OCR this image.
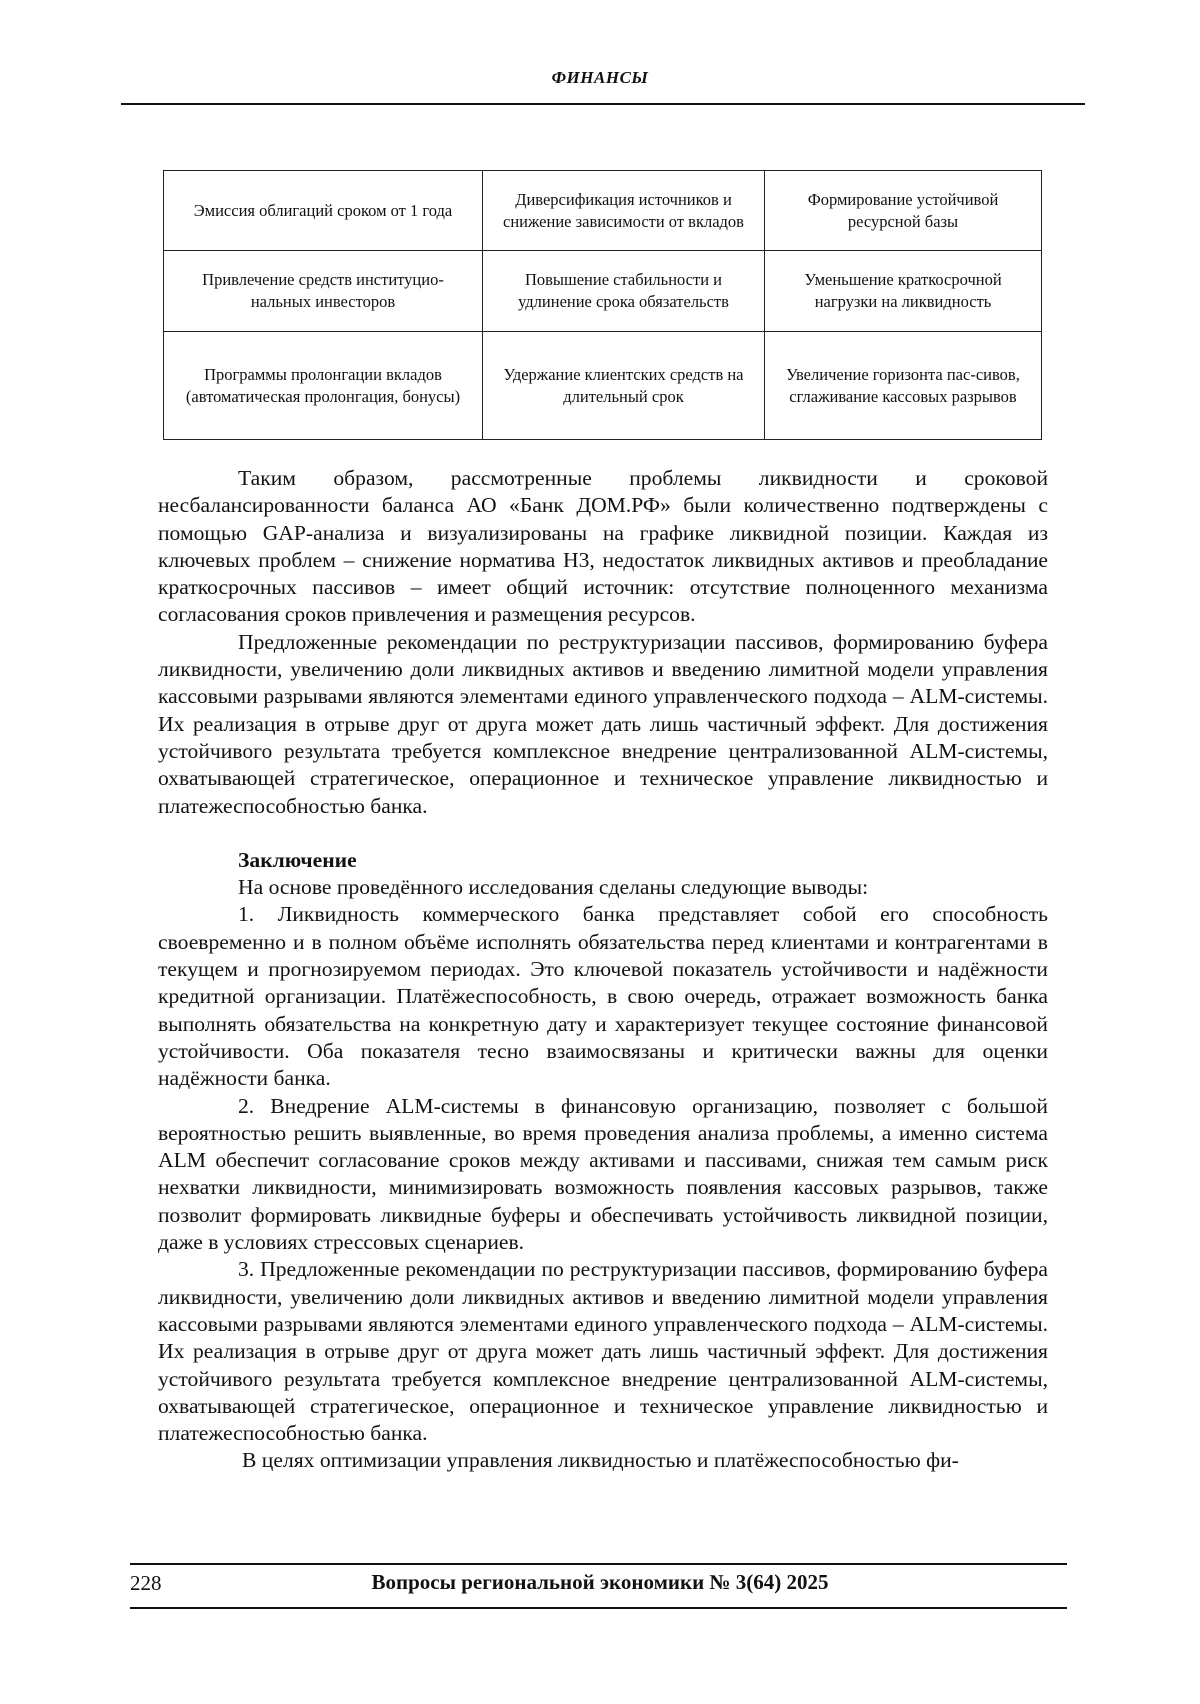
ФИНАНСЫ
Эмиссия облигаций сроком от 1 года	Диверсификация источников и снижение зависимости от вкладов	Формирование устойчивой ресурсной базы
Привлечение средств институцио-нальных инвесторов	Повышение стабильности и удлинение срока обязательств	Уменьшение краткосрочной нагрузки на ликвидность
Программы пролонгации вкладов (автоматическая пролонгация, бонусы)	Удержание клиентских средств на длительный срок	Увеличение горизонта пас-сивов, сглаживание кассовых разрывов

Таким образом, рассмотренные проблемы ликвидности и сроковой несбалансированности баланса АО «Банк ДОМ.РФ» были количественно подтверждены с помощью GAP-анализа и визуализированы на графике ликвидной позиции. Каждая из ключевых проблем – снижение норматива Н3, недостаток ликвидных активов и преобладание краткосрочных пассивов – имеет общий источник: отсутствие полноценного механизма согласования сроков привлечения и размещения ресурсов.

Предложенные рекомендации по реструктуризации пассивов, формированию буфера ликвидности, увеличению доли ликвидных активов и введению лимитной модели управления кассовыми разрывами являются элементами единого управленческого подхода – ALM-системы. Их реализация в отрыве друг от друга может дать лишь частичный эффект. Для достижения устойчивого результата требуется комплексное внедрение централизованной ALM-системы, охватывающей стратегическое, операционное и техническое управление ликвидностью и платежеспособностью банка.

Заключение

На основе проведённого исследования сделаны следующие выводы:

1. Ликвидность коммерческого банка представляет собой его способность своевременно и в полном объёме исполнять обязательства перед клиентами и контрагентами в текущем и прогнозируемом периодах. Это ключевой показатель устойчивости и надёжности кредитной организации. Платёжеспособность, в свою очередь, отражает возможность банка выполнять обязательства на конкретную дату и характеризует текущее состояние финансовой устойчивости. Оба показателя тесно взаимосвязаны и критически важны для оценки надёжности банка.

2. Внедрение ALM-системы в финансовую организацию, позволяет с большой вероятностью решить выявленные, во время проведения анализа проблемы, а именно система ALM обеспечит согласование сроков между активами и пассивами, снижая тем самым риск нехватки ликвидности, минимизировать возможность появления кассовых разрывов, также позволит формировать ликвидные буферы и обеспечивать устойчивость ликвидной позиции, даже в условиях стрессовых сценариев.

3. Предложенные рекомендации по реструктуризации пассивов, формированию буфера ликвидности, увеличению доли ликвидных активов и введению лимитной модели управления кассовыми разрывами являются элементами единого управленческого подхода – ALM-системы. Их реализация в отрыве друг от друга может дать лишь частичный эффект. Для достижения устойчивого результата требуется комплексное внедрение централизованной ALM-системы, охватывающей стратегическое, операционное и техническое управление ликвидностью и платежеспособностью банка.

В целях оптимизации управления ликвидностью и платёжеспособностью фи-

228	Вопросы региональной экономики № 3(64) 2025
